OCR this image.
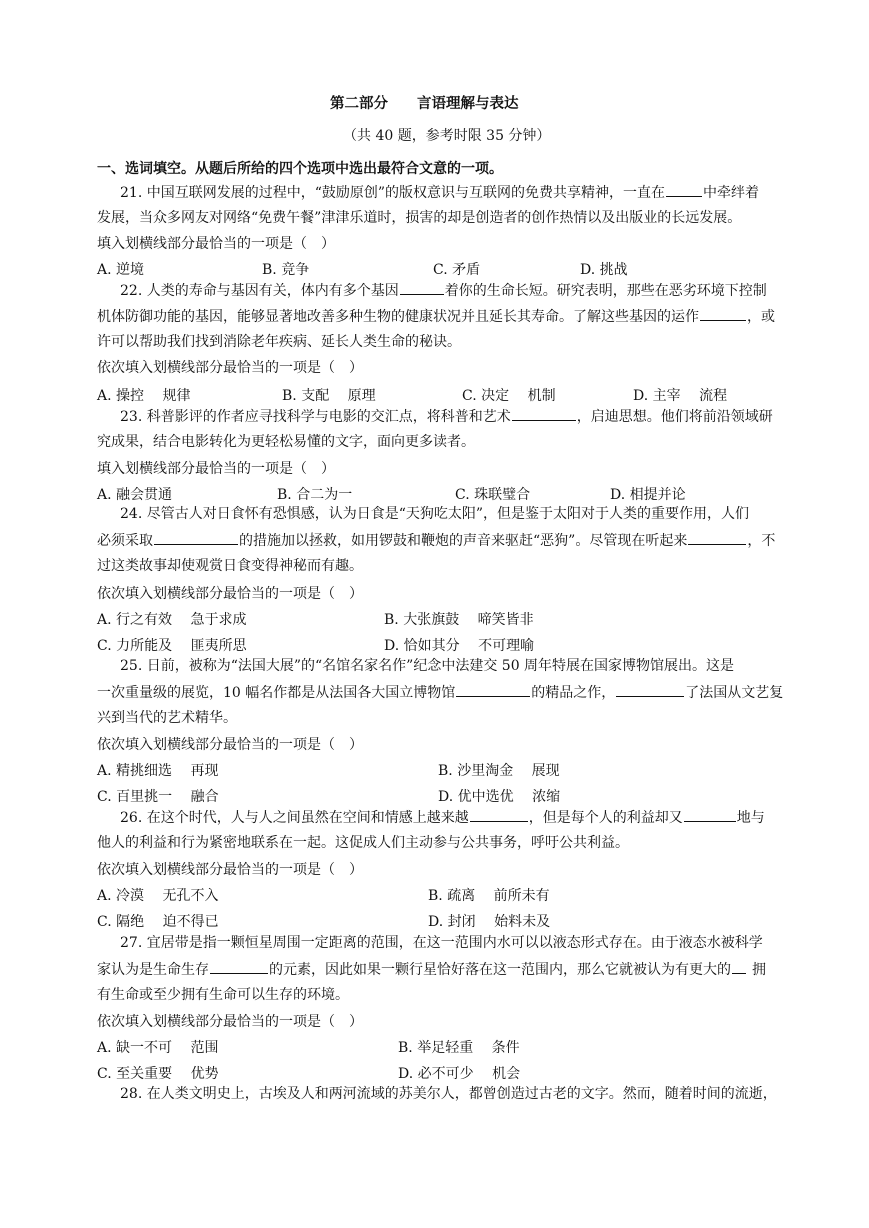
第二部分　　言语理解与表达
（共 40 题，参考时限 35 分钟）
一、选词填空。从题后所给的四个选项中选出最符合文意的一项。
21. 中国互联网发展的过程中，“鼓励原创”的版权意识与互联网的免费共享精神，一直在	中牵绊着
发展，当众多网友对网络“免费午餐”津津乐道时，损害的却是创造者的创作热情以及出版业的长远发展。
填入划横线部分最恰当的一项是（　）
A. 逆境	B. 竞争	C. 矛盾	D. 挑战
22. 人类的寿命与基因有关，体内有多个基因	着你的生命长短。研究表明，那些在恶劣环境下控制
机体防御功能的基因，能够显著地改善多种生物的健康状况并且延长其寿命。了解这些基因的运作	，或
许可以帮助我们找到消除老年疾病、延长人类生命的秘诀。
依次填入划横线部分最恰当的一项是（　）
A. 操控　 规律	B. 支配　 原理	C. 决定　 机制	D. 主宰　 流程
23. 科普影评的作者应寻找科学与电影的交汇点，将科普和艺术	，启迪思想。他们将前沿领域研
究成果，结合电影转化为更轻松易懂的文字，面向更多读者。
填入划横线部分最恰当的一项是（　）
A. 融会贯通	B. 合二为一	C. 珠联璧合	D. 相提并论
24. 尽管古人对日食怀有恐惧感，认为日食是“天狗吃太阳”，但是鉴于太阳对于人类的重要作用，人们
必须采取	的措施加以拯救，如用锣鼓和鞭炮的声音来驱赶“恶狗”。尽管现在听起来	，不
过这类故事却使观赏日食变得神秘而有趣。
依次填入划横线部分最恰当的一项是（　）
A. 行之有效　 急于求成	B. 大张旗鼓　 啼笑皆非
C. 力所能及　 匪夷所思	D. 恰如其分　 不可理喻
25. 日前，被称为“法国大展”的“名馆名家名作”纪念中法建交 50 周年特展在国家博物馆展出。这是
一次重量级的展览，10 幅名作都是从法国各大国立博物馆	的精品之作，	了法国从文艺复
兴到当代的艺术精华。
依次填入划横线部分最恰当的一项是（　）
A. 精挑细选　 再现	B. 沙里淘金　 展现
C. 百里挑一　 融合	D. 优中选优　 浓缩
26. 在这个时代，人与人之间虽然在空间和情感上越来越	，但是每个人的利益却又	地与
他人的利益和行为紧密地联系在一起。这促成人们主动参与公共事务，呼吁公共利益。
依次填入划横线部分最恰当的一项是（　）
A. 冷漠　 无孔不入	B. 疏离　 前所未有
C. 隔绝　 迫不得已	D. 封闭　 始料未及
27. 宜居带是指一颗恒星周围一定距离的范围，在这一范围内水可以以液态形式存在。由于液态水被科学
家认为是生命生存	的元素，因此如果一颗行星恰好落在这一范围内，那么它就被认为有更大的 拥
有生命或至少拥有生命可以生存的环境。
依次填入划横线部分最恰当的一项是（　）
A. 缺一不可　 范围	B. 举足轻重　 条件
C. 至关重要　 优势	D. 必不可少　 机会
28. 在人类文明史上，古埃及人和两河流域的苏美尔人，都曾创造过古老的文字。然而，随着时间的流逝，
